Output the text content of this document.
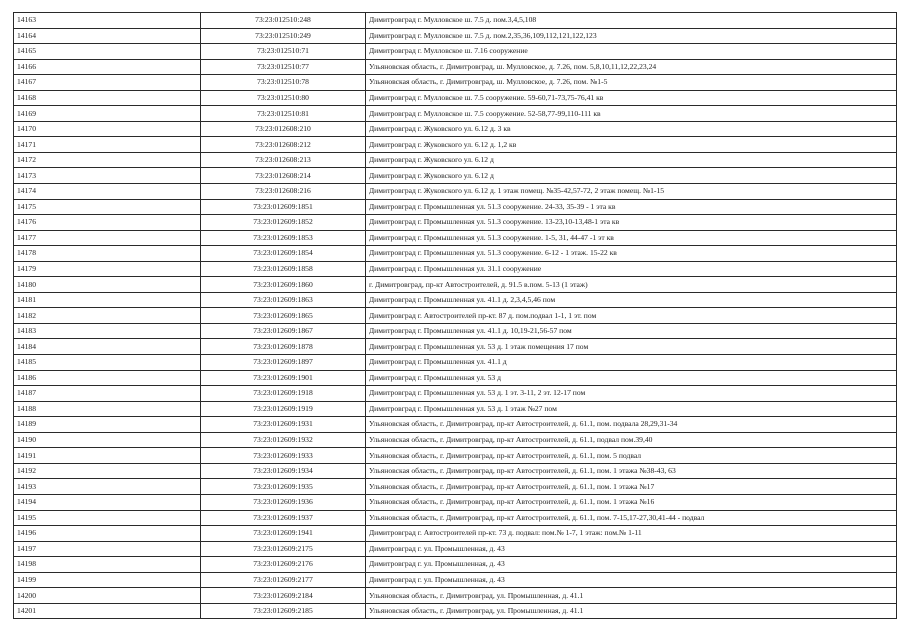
14163	73:23:012510:248	Димитровград г. Мулловское ш. 7.5 д. пом.3,4,5,108
14164	73:23:012510:249	Димитровград г. Мулловское ш. 7.5 д. пом.2,35,36,109,112,121,122,123
14165	73:23:012510:71	Димитровград г. Мулловское ш. 7.16 сооружение
14166	73:23:012510:77	Ульяновская область, г. Димитровград, ш. Мулловское, д. 7.26, пом. 5,8,10,11,12,22,23,24
14167	73:23:012510:78	Ульяновская область, г. Димитровград, ш. Мулловское, д. 7.26, пом. №1-5
14168	73:23:012510:80	Димитровград г. Мулловское ш. 7.5 сооружение. 59-60,71-73,75-76,41 кв
14169	73:23:012510:81	Димитровград г. Мулловское ш. 7.5 сооружение. 52-58,77-99,110-111 кв
14170	73:23:012608:210	Димитровград г. Жуковского ул. 6.12 д. 3 кв
14171	73:23:012608:212	Димитровград г. Жуковского ул. 6.12 д. 1,2 кв
14172	73:23:012608:213	Димитровград г. Жуковского ул. 6.12 д
14173	73:23:012608:214	Димитровград г. Жуковского ул. 6.12 д
14174	73:23:012608:216	Димитровград г. Жуковского ул. 6.12 д. 1 этаж помещ. №35-42,57-72, 2 этаж помещ. №1-15
14175	73:23:012609:1851	Димитровград г. Промышленная ул. 51.3 сооружение. 24-33, 35-39 - 1 эта кв
14176	73:23:012609:1852	Димитровград г. Промышленная ул. 51.3 сооружение. 13-23,10-13,48-1 эта кв
14177	73:23:012609:1853	Димитровград г. Промышленная ул. 51.3 сооружение. 1-5, 31, 44-47 -1 эт кв
14178	73:23:012609:1854	Димитровград г. Промышленная ул. 51.3 сооружение. 6-12 - 1 этаж. 15-22 кв
14179	73:23:012609:1858	Димитровград г. Промышленная ул. 31.1 сооружение
14180	73:23:012609:1860	г. Димитровград, пр-кт Автостроителей, д. 91.5 в.пом. 5-13 (1 этаж)
14181	73:23:012609:1863	Димитровград г. Промышленная ул. 41.1 д. 2,3,4,5,46 пом
14182	73:23:012609:1865	Димитровград г. Автостроителей пр-кт. 87 д. пом.подвал 1-1, 1 эт. пом
14183	73:23:012609:1867	Димитровград г. Промышленная ул. 41.1 д. 10,19-21,56-57 пом
14184	73:23:012609:1878	Димитровград г. Промышленная ул. 53 д. 1 этаж помещения 17 пом
14185	73:23:012609:1897	Димитровград г. Промышленная ул. 41.1 д
14186	73:23:012609:1901	Димитровград г. Промышленная ул. 53 д
14187	73:23:012609:1918	Димитровград г. Промышленная ул. 53 д. 1 эт. 3-11, 2 эт. 12-17 пом
14188	73:23:012609:1919	Димитровград г. Промышленная ул. 53 д. 1 этаж №27 пом
14189	73:23:012609:1931	Ульяновская область, г. Димитровград, пр-кт Автостроителей, д. 61.1, пом. подвала 28,29,31-34
14190	73:23:012609:1932	Ульяновская область, г. Димитровград, пр-кт Автостроителей, д. 61.1, подвал пом.39,40
14191	73:23:012609:1933	Ульяновская область, г. Димитровград, пр-кт Автостроителей, д. 61.1, пом. 5 подвал
14192	73:23:012609:1934	Ульяновская область, г. Димитровград, пр-кт Автостроителей, д. 61.1, пом. 1 этажа №38-43, 63
14193	73:23:012609:1935	Ульяновская область, г. Димитровград, пр-кт Автостроителей, д. 61.1, пом. 1 этажа №17
14194	73:23:012609:1936	Ульяновская область, г. Димитровград, пр-кт Автостроителей, д. 61.1, пом. 1 этажа №16
14195	73:23:012609:1937	Ульяновская область, г. Димитровград, пр-кт Автостроителей, д. 61.1, пом. 7-15,17-27,30,41-44 - подвал
14196	73:23:012609:1941	Димитровград г. Автостроителей пр-кт. 73 д. подвал: пом.№ 1-7, 1 этаж: пом.№ 1-11
14197	73:23:012609:2175	Димитровград г. ул. Промышленная, д. 43
14198	73:23:012609:2176	Димитровград г. ул. Промышленная, д. 43
14199	73:23:012609:2177	Димитровград г. ул. Промышленная, д. 43
14200	73:23:012609:2184	Ульяновская область, г. Димитровград, ул. Промышленная, д. 41.1
14201	73:23:012609:2185	Ульяновская область, г. Димитровград, ул. Промышленная, д. 41.1
